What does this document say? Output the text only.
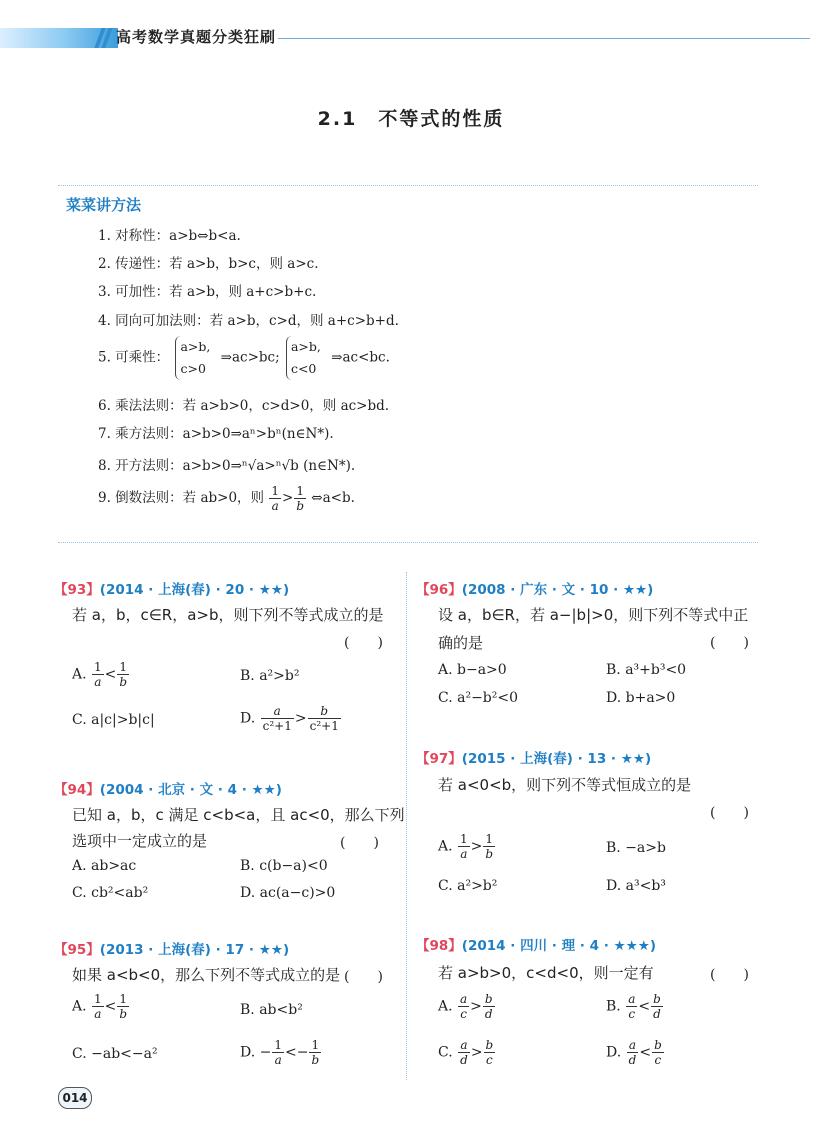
高考数学真题分类狂刷
2.1　不等式的性质
菜菜讲方法
1. 对称性：a>b⇔b<a.
2. 传递性：若 a>b，b>c，则 a>c.
3. 可加性：若 a>b，则 a+c>b+c.
4. 同向可加法则：若 a>b，c>d，则 a+c>b+d.
5. 可乘性：
a>b,
c>0
⇒ac>bc;
a>b,
c<0
⇒ac<bc.
6. 乘法法则：若 a>b>0，c>d>0，则 ac>bd.
7. 乘方法则：a>b>0⇒aⁿ>bⁿ(n∈N*).
8. 开方法则：a>b>0⇒ⁿ√a>ⁿ√b (n∈N*).
9. 倒数法则：若 ab>0，则 $\frac{1}{a} > \frac{1}{b}$ ⇔a<b.
【93】(2014 · 上海(春) · 20 · ★★)
若 a，b，c∈R，a>b，则下列不等式成立的是
(　　)
A. $\frac{1}{a} < \frac{1}{b}$	B. a²>b²
C. a|c|>b|c|	D. $\frac{a}{\text{c²+1}} > \frac{b}{\text{c²+1}}$
【94】(2004 · 北京 · 文 · 4 · ★★)
已知 a，b，c 满足 c<b<a，且 ac<0，那么下列
选项中一定成立的是	(　　)
A. ab>ac	B. c(b−a)<0
C. cb²<ab²	D. ac(a−c)>0
【95】(2013 · 上海(春) · 17 · ★★)
如果 a<b<0，那么下列不等式成立的是 (　　)
A. $\frac{1}{a} < \frac{1}{b}$	B. ab<b²
C. −ab<−a²	D. − $\frac{1}{a} <- \frac{1}{b}$
【96】(2008 · 广东 · 文 · 10 · ★★)
设 a，b∈R，若 a−|b|>0，则下列不等式中正
确的是	(　　)
A. b−a>0	B. a³+b³<0
C. a²−b²<0	D. b+a>0
【97】(2015 · 上海(春) · 13 · ★★)
若 a<0<b，则下列不等式恒成立的是
(　　)
A. $\frac{1}{a} > \frac{1}{b}$	B. −a>b
C. a²>b²	D. a³<b³
【98】(2014 · 四川 · 理 · 4 · ★★★)
若 a>b>0，c<d<0，则一定有	(　　)
A. $\frac{a}{c} > \frac{b}{d}$	B. $\frac{a}{c} < \frac{b}{d}$
C. $\frac{a}{d} > \frac{b}{c}$	D. $\frac{a}{d} < \frac{b}{c}$
014
